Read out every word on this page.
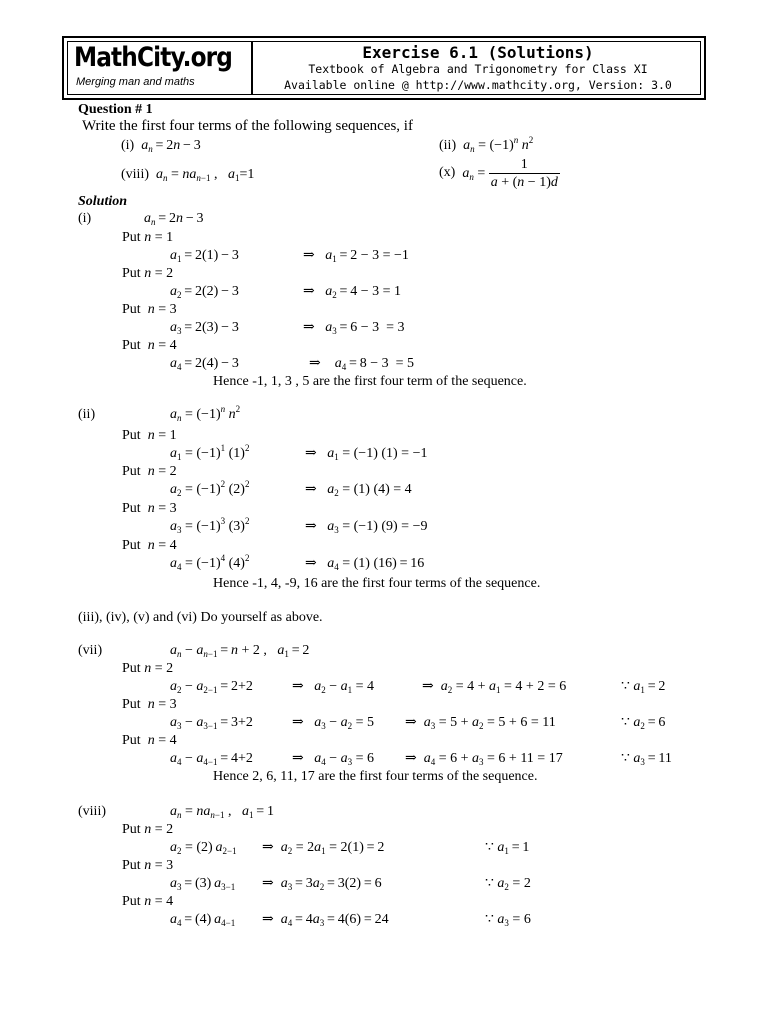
MathCity.org
Merging man and maths
Exercise 6.1 (Solutions)
Textbook of Algebra and Trigonometry for Class XI
Available online @ http://www.mathcity.org, Version: 3.0
Question # 1
Write the first four terms of the following sequences, if
(i) $a_n = 2n - 3$	(ii) $a_n = (-1)^n$ $n^2$
(viii) $a_n = na_{n-1}$ ,   $a_1=1$	(x) $a_n = \frac{1}{a + (n - 1)d}$
Solution
(i)	$a_n = 2n - 3$
Put n = 1
$a_1 = 2(1) - 3$	⇒   $a_1 = 2 - 3 = -1$
Put n = 2
$a_2 = 2(2) - 3$	⇒   $a_2 = 4 - 3 = 1$
Put n = 3
$a_3 = 2(3) - 3$	⇒   $a_3 = 6 - 3 = 3$
Put n = 4
$a_4 = 2(4) - 3$	⇒    $a_4 = 8 - 3 = 5$
Hence -1, 1, 3 , 5 are the first four term of the sequence.
(ii)	$a_n = (-1)^n$ $n^2$
Put n = 1
$a_1 = (-1)^1$ $(1)^2$	⇒   $a_1 = (-1) (1) = -1$
Put n = 2
$a_2 = (-1)^2$ $(2)^2$	⇒   $a_2 = (1) (4) = 4$
Put n = 3
$a_3 = (-1)^3$ $(3)^2$	⇒   $a_3 = (-1) (9) = -9$
Put n = 4
$a_4 = (-1)^4$ $(4)^2$	⇒   $a_4 = (1) (16) = 16$
Hence -1, 4, -9, 16 are the first four terms of the sequence.
(iii), (iv), (v) and (vi) Do yourself as above.
(vii)	$a_n - a_{n-1} = n + 2$ ,   $a_1 = 2$
Put n = 2
$a_2 - a_{2-1} = 2+2$	⇒   $a_2 - a_1 = 4$	⇒  $a_2 = 4 + a_1 = 4 + 2 = 6$	∵ $a_1 = 2$
Put n = 3
$a_3 - a_{3-1} = 3+2$	⇒   $a_3 - a_2 = 5$ ⇒  $a_3 = 5 + a_2 = 5 + 6 = 11$	∵ $a_2 = 6$
Put n = 4
$a_4 - a_{4-1} = 4+2$	⇒   $a_4 - a_3 = 6$ ⇒  $a_4 = 6 + a_3 = 6 + 11 = 17$	∵ $a_3 = 11$
Hence 2, 6, 11, 17 are the first four terms of the sequence.
(viii)	$a_n = na_{n-1}$ ,   $a_1 = 1$
Put n = 2
$a_2 = (2)$ $a_{2-1}$ ⇒  $a_2 = 2a_1 = 2(1) = 2$	∵ $a_1 = 1$
Put n = 3
$a_3 = (3)$ $a_{3-1}$ ⇒  $a_3 = 3a_2 = 3(2) = 6$	∵ $a_2 = 2$
Put n = 4
$a_4 = (4)$ $a_{4-1}$ ⇒  $a_4 = 4a_3 = 4(6) = 24$	∵ $a_3 = 6$
